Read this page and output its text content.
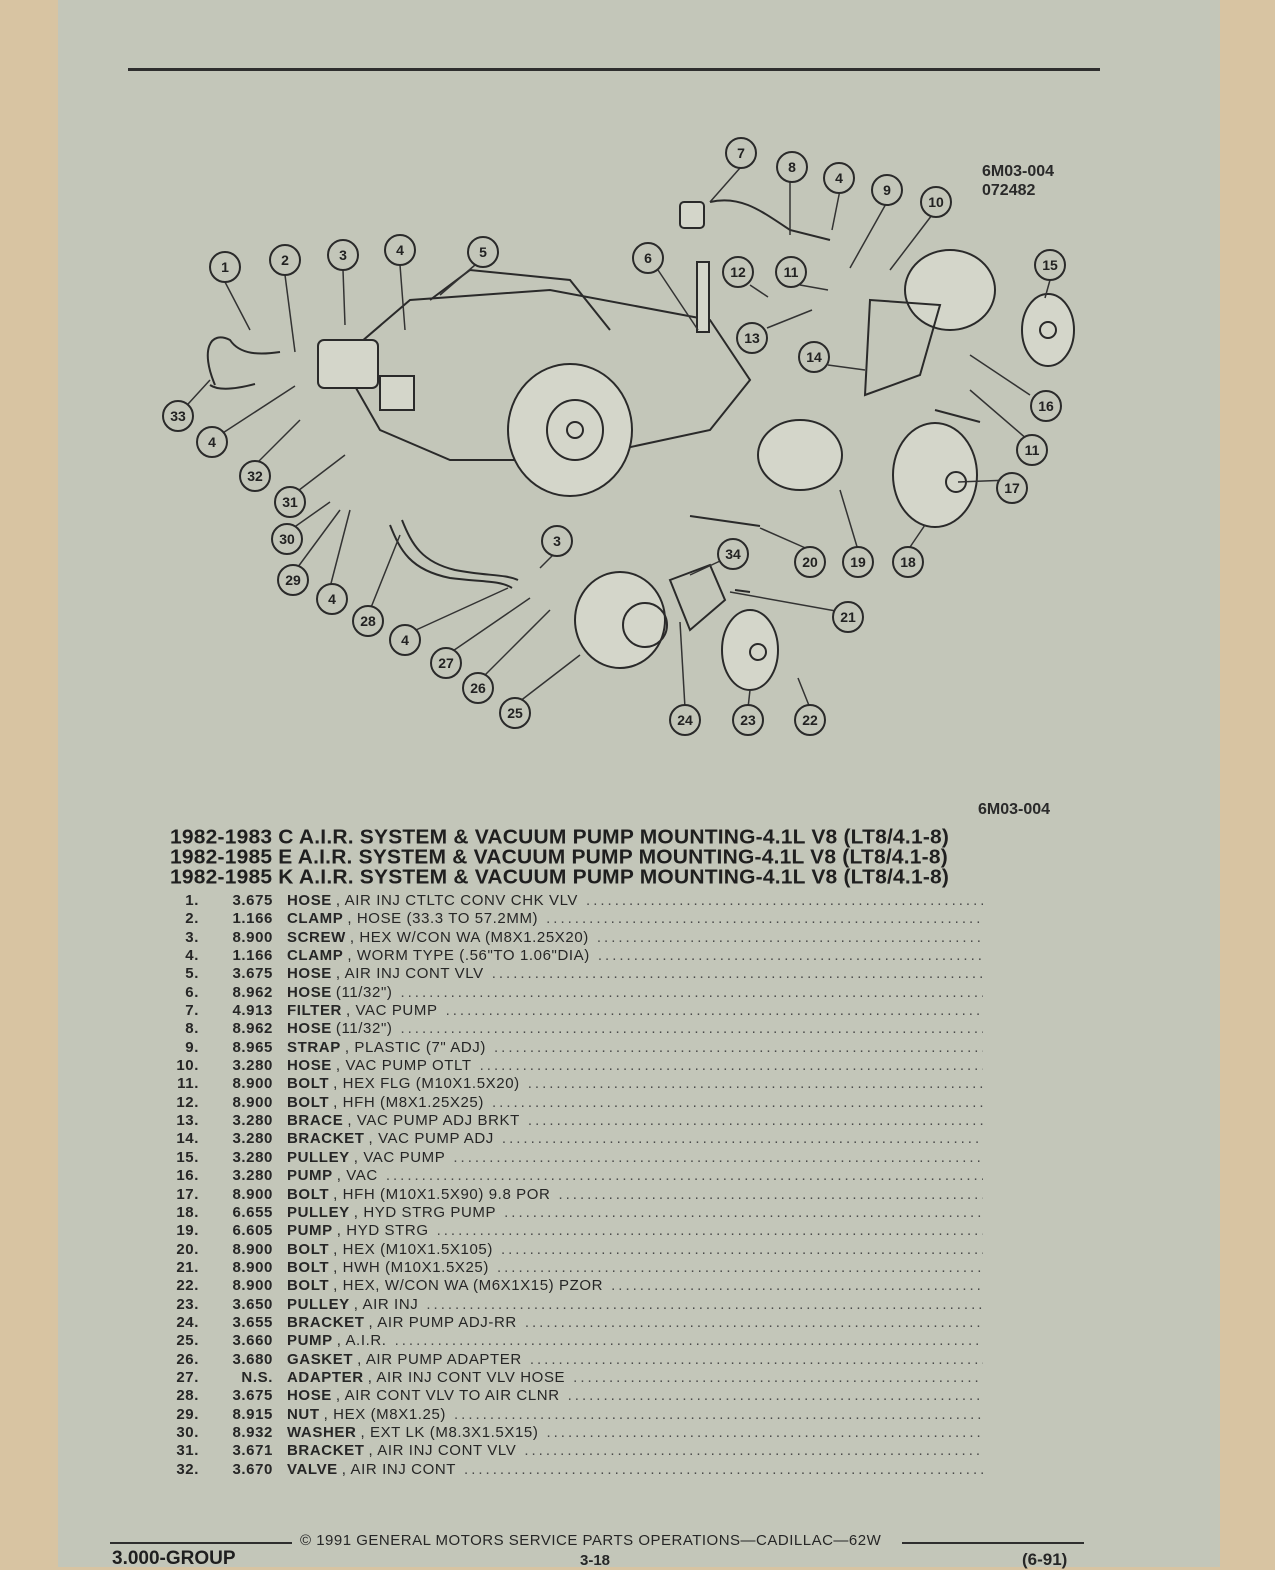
1	2	3	4	5	6
7
8
4
9
10
12	11
13
14
15
16
11
17
18
19
20
21
22
23
24
25
26
27
28
29
30
31
32
33
4
4
4
3
34
6M03-004
072482
6M03-004
1982-1983 C A.I.R. SYSTEM & VACUUM PUMP MOUNTING-4.1L V8 (LT8/4.1-8)
1982-1985 E A.I.R. SYSTEM & VACUUM PUMP MOUNTING-4.1L V8 (LT8/4.1-8)
1982-1985 K A.I.R. SYSTEM & VACUUM PUMP MOUNTING-4.1L V8 (LT8/4.1-8)
1.	3.675 HOSE , AIR INJ CTLTC CONV CHK VLV
.....
2.	1.166 CLAMP , HOSE (33.3 TO 57.2MM)
.....
3.	8.900 SCREW , HEX W/CON WA (M8X1.25X20)
.....
4.	1.166 CLAMP , WORM TYPE (.56"TO 1.06"DIA)
.....
5.	3.675 HOSE , AIR INJ CONT VLV
.....
6.	8.962 HOSE (11/32")
.....
7.	4.913 FILTER , VAC PUMP
.....
8.	8.962 HOSE (11/32")
.....
9.	8.965 STRAP , PLASTIC (7" ADJ)
.....
10.	3.280 HOSE , VAC PUMP OTLT
.....
11.	8.900 BOLT , HEX FLG (M10X1.5X20)
.....
12.	8.900 BOLT , HFH (M8X1.25X25)
.....
13.	3.280 BRACE , VAC PUMP ADJ BRKT
.....
14.	3.280 BRACKET , VAC PUMP ADJ
.....
15.	3.280 PULLEY , VAC PUMP
.....
16.	3.280 PUMP , VAC
.....
17.	8.900 BOLT , HFH (M10X1.5X90) 9.8 POR
.....
18.	6.655 PULLEY , HYD STRG PUMP
.....
19.	6.605 PUMP , HYD STRG
.....
20.	8.900 BOLT , HEX (M10X1.5X105)
.....
21.	8.900 BOLT , HWH (M10X1.5X25)
.....
22.	8.900 BOLT , HEX, W/CON WA (M6X1X15) PZOR
.....
23.	3.650 PULLEY , AIR INJ
.....
24.	3.655 BRACKET , AIR PUMP ADJ-RR
.....
25.	3.660 PUMP , A.I.R.
.....
26.	3.680 GASKET , AIR PUMP ADAPTER
.....
27.	N.S. ADAPTER , AIR INJ CONT VLV HOSE
.....
28.	3.675 HOSE , AIR CONT VLV TO AIR CLNR
.....
29.	8.915 NUT , HEX (M8X1.25)
.....
30.	8.932 WASHER , EXT LK (M8.3X1.5X15)
.....
31.	3.671 BRACKET , AIR INJ CONT VLV
.....
32.	3.670 VALVE , AIR INJ CONT
.....
© 1991 GENERAL MOTORS SERVICE PARTS OPERATIONS—CADILLAC—62W
3.000-GROUP	3-18	(6-91)
